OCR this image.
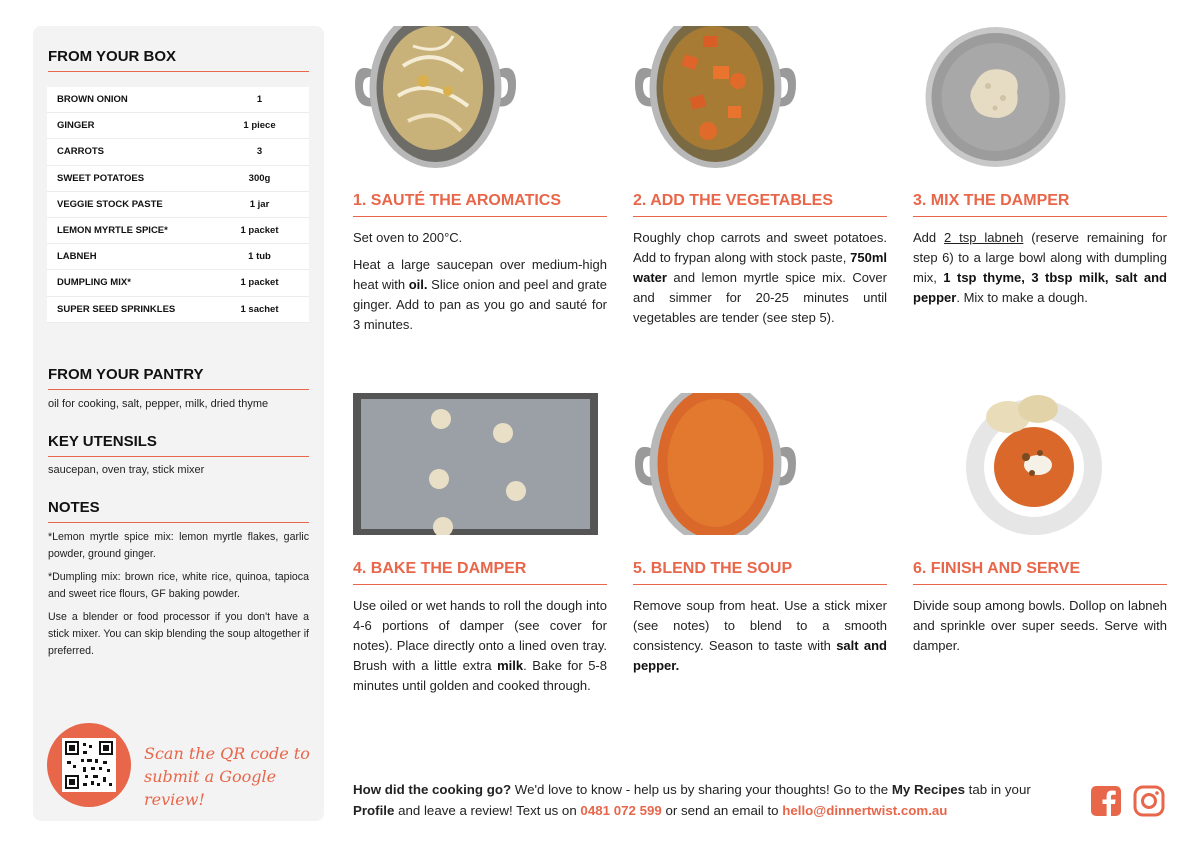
FROM YOUR BOX
BROWN ONION	1
GINGER	1 piece
CARROTS	3
SWEET POTATOES	300g
VEGGIE STOCK PASTE	1 jar
LEMON MYRTLE SPICE*	1 packet
LABNEH	1 tub
DUMPLING MIX*	1 packet
SUPER SEED SPRINKLES	1 sachet
FROM YOUR PANTRY
oil for cooking, salt, pepper, milk, dried thyme
KEY UTENSILS
saucepan, oven tray, stick mixer
NOTES

*Lemon myrtle spice mix: lemon myrtle flakes, garlic powder, ground ginger.

*Dumpling mix: brown rice, white rice, quinoa, tapioca and sweet rice flours, GF baking powder.

Use a blender or food processor if you don't have a stick mixer. You can skip blending the soup altogether if preferred.

Scan the QR code to
submit a Google review!
1. SAUTÉ THE AROMATICS

Set oven to 200°C.

Heat a large saucepan over medium-high heat with oil. Slice onion and peel and grate ginger. Add to pan as you go and sauté for 3 minutes.

2. ADD THE VEGETABLES

Roughly chop carrots and sweet potatoes. Add to frypan along with stock paste, 750ml water and lemon myrtle spice mix. Cover and simmer for 20-25 minutes until vegetables are tender (see step 5).

3. MIX THE DAMPER

Add 2 tsp labneh (reserve remaining for step 6) to a large bowl along with dumpling mix, 1 tsp thyme, 3 tbsp milk, salt and pepper. Mix to make a dough.

4. BAKE THE DAMPER

Use oiled or wet hands to roll the dough into 4-6 portions of damper (see cover for notes). Place directly onto a lined oven tray. Brush with a little extra milk. Bake for 5-8 minutes until golden and cooked through.

5. BLEND THE SOUP

Remove soup from heat. Use a stick mixer (see notes) to blend to a smooth consistency. Season to taste with salt and pepper.

6. FINISH AND SERVE

Divide soup among bowls. Dollop on labneh and sprinkle over super seeds. Serve with damper.

How did the cooking go? We'd love to know - help us by sharing your thoughts! Go to the My Recipes tab in your Profile and leave a review! Text us on 0481 072 599 or send an email to hello@dinnertwist.com.au
